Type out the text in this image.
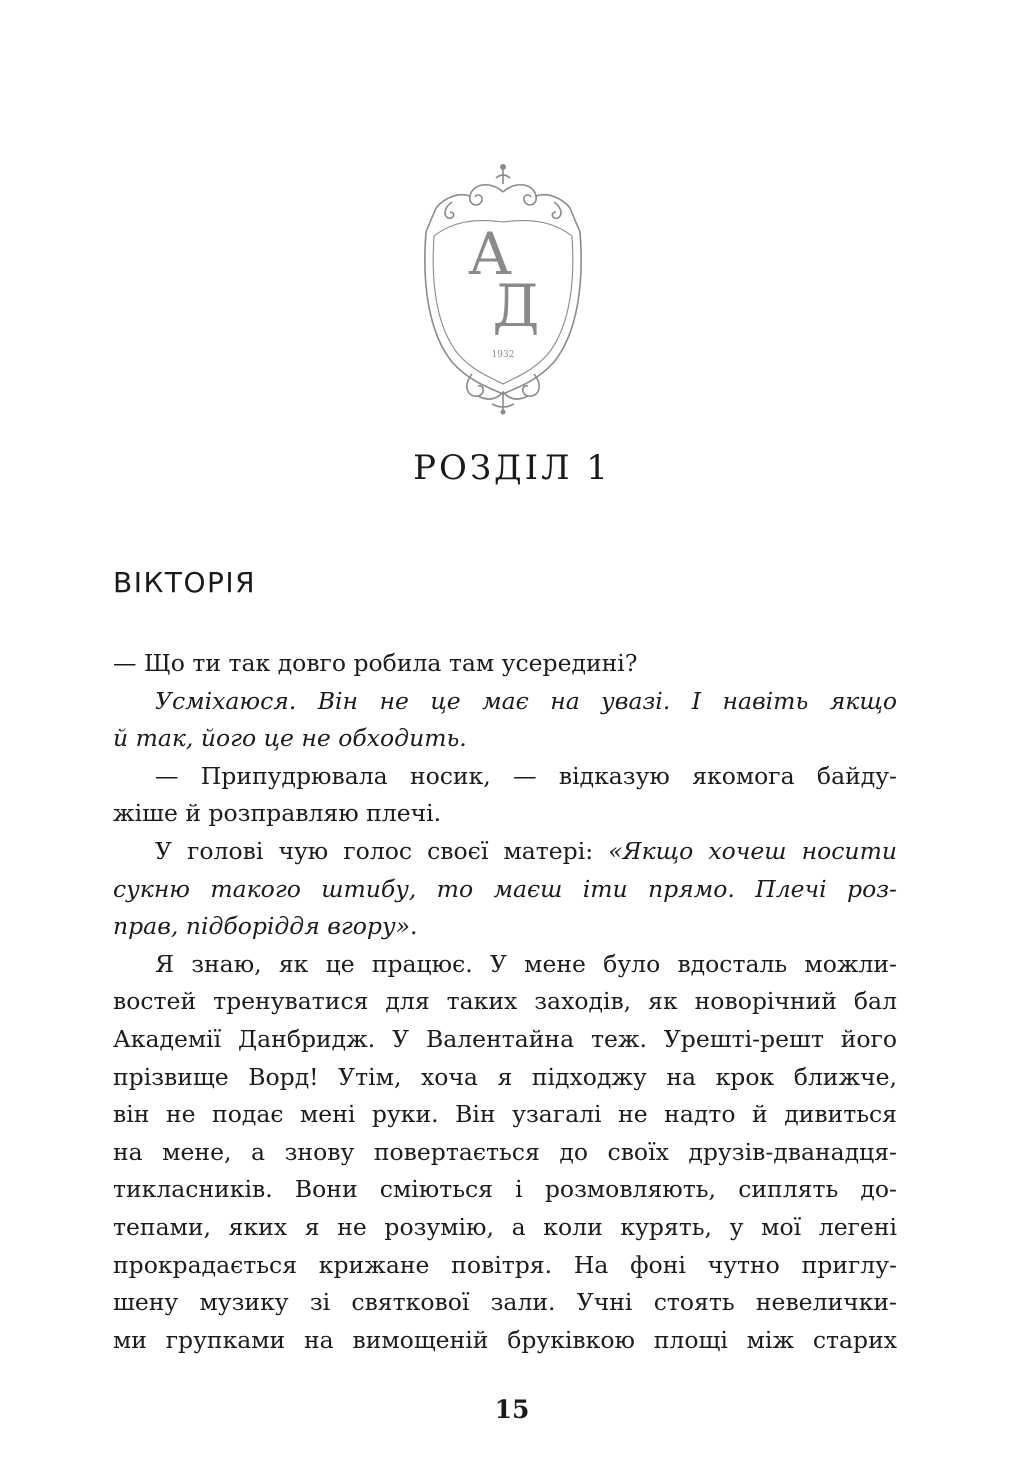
А
Д
1932
РОЗДІЛ 1
ВІКТОРІЯ
— Що ти так довго робила там усередині?
Усміхаюся. Він не це має на увазі. І навіть якщо
й так, його це не обходить.
— Припудрювала носик, — відказую якомога байду-
жіше й розправляю плечі.
У голові чую голос своєї матері: «Якщо хочеш носити
сукню такого штибу, то маєш іти прямо. Плечі роз-
прав, підборіддя вгору».
Я знаю, як це працює. У мене було вдосталь можли-
востей тренуватися для таких заходів, як новорічний бал
Академії Данбридж. У Валентайна теж. Урешті-решт його
прізвище Ворд! Утім, хоча я підходжу на крок ближче,
він не подає мені руки. Він узагалі не надто й дивиться
на мене, а знову повертається до своїх друзів-дванадця-
тикласників. Вони сміються і розмовляють, сиплять до-
тепами, яких я не розумію, а коли курять, у мої легені
прокрадається крижане повітря. На фоні чутно приглу-
шену музику зі святкової зали. Учні стоять невелички-
ми групками на вимощеній бруківкою площі між старих
15
